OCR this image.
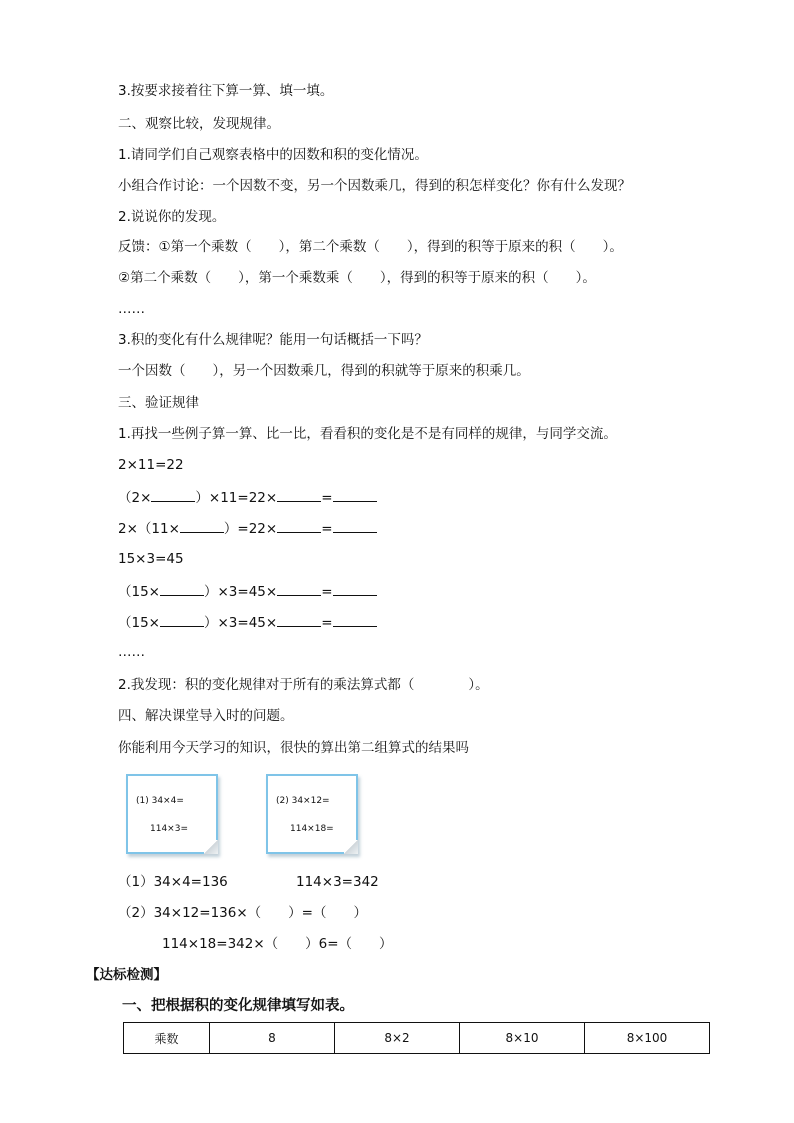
3.按要求接着往下算一算、填一填。
二、观察比较，发现规律。
1.请同学们自己观察表格中的因数和积的变化情况。
小组合作讨论：一个因数不变，另一个因数乘几，得到的积怎样变化？你有什么发现？
2.说说你的发现。
反馈：①第一个乘数（　　），第二个乘数（　　），得到的积等于原来的积（　　）。
②第二个乘数（　　），第一个乘数乘（　　），得到的积等于原来的积（　　）。
……
3.积的变化有什么规律呢？能用一句话概括一下吗？
一个因数（　　），另一个因数乘几，得到的积就等于原来的积乘几。
三、验证规律
1.再找一些例子算一算、比一比，看看积的变化是不是有同样的规律，与同学交流。
2×11=22
（2×	）×11=22×	=
2×（11×	）=22×	=
15×3=45
（15×	）×3=45×	=
（15×	）×3=45×	=
……
2.我发现：积的变化规律对于所有的乘法算式都（　　　　）。
四、解决课堂导入时的问题。
你能利用今天学习的知识，很快的算出第二组算式的结果吗
(1) 34×4=
114×3=
(2) 34×12=
114×18=
（1）34×4=136	114×3=342
（2）34×12=136×（　　）=（　　）
114×18=342×（　　）6=（　　）
【达标检测】
一、把根据积的变化规律填写如表。
乘数	8	8×2	8×10	8×100
